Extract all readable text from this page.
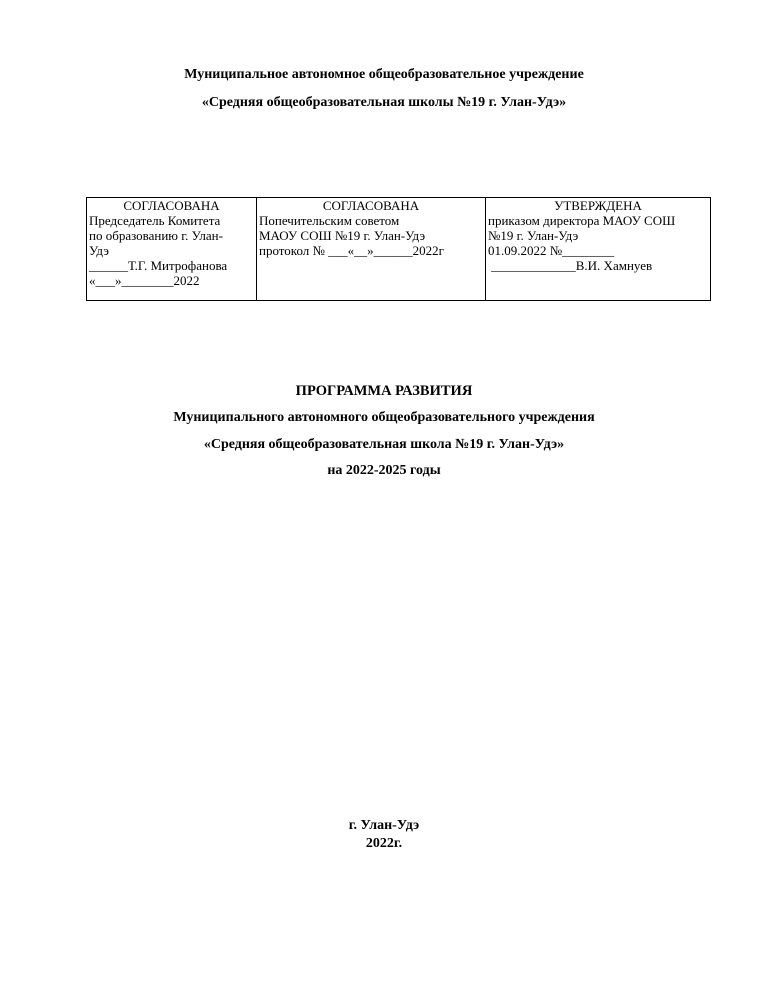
Муниципальное автономное общеобразовательное учреждение
«Средняя общеобразовательная школы №19 г. Улан-Удэ»
СОГЛАСОВАНА
Председатель Комитета
по образованию г. Улан-
Удэ
______Т.Г. Митрофанова
«___»________2022

СОГЛАСОВАНА
Попечительским советом
МАОУ СОШ №19 г. Улан-Удэ
протокол № ___«__»______2022г

УТВЕРЖДЕНА
приказом директора МАОУ СОШ
№19 г. Улан-Удэ
01.09.2022 №________
_____________В.И. Хамнуев
ПРОГРАММА РАЗВИТИЯ
Муниципального автономного общеобразовательного учреждения
«Средняя общеобразовательная школа №19 г. Улан-Удэ»
на 2022-2025 годы
г. Улан-Удэ
2022г.
